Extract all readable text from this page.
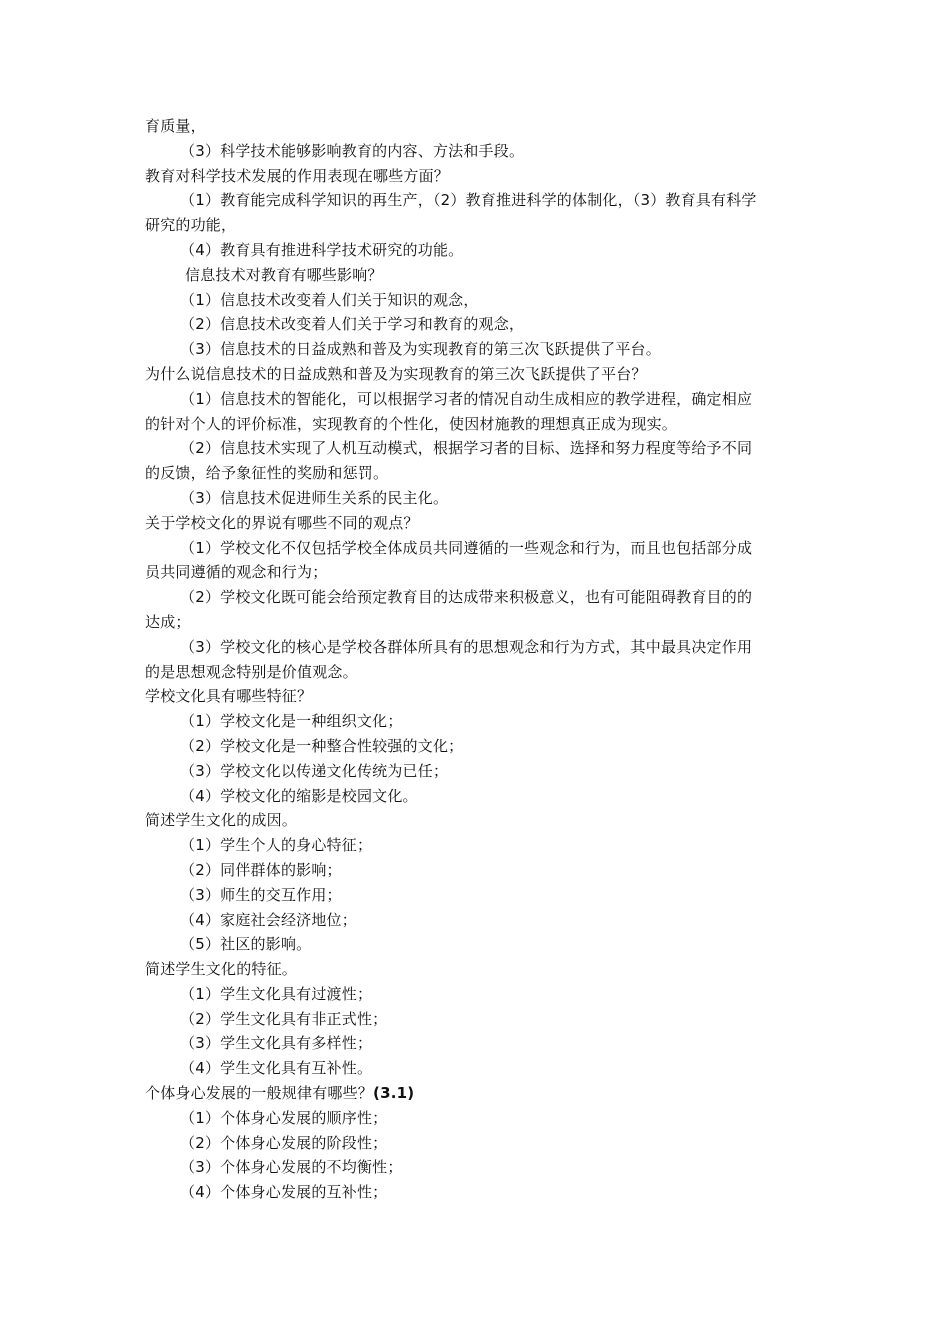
育质量，
（3）科学技术能够影响教育的内容、方法和手段。
教育对科学技术发展的作用表现在哪些方面？
（1）教育能完成科学知识的再生产，（2）教育推进科学的体制化，（3）教育具有科学
研究的功能，
（4）教育具有推进科学技术研究的功能。
信息技术对教育有哪些影响？
（1）信息技术改变着人们关于知识的观念，
（2）信息技术改变着人们关于学习和教育的观念，
（3）信息技术的日益成熟和普及为实现教育的第三次飞跃提供了平台。
为什么说信息技术的日益成熟和普及为实现教育的第三次飞跃提供了平台？
（1）信息技术的智能化，可以根据学习者的情况自动生成相应的教学进程，确定相应
的针对个人的评价标准，实现教育的个性化，使因材施教的理想真正成为现实。
（2）信息技术实现了人机互动模式，根据学习者的目标、选择和努力程度等给予不同
的反馈，给予象征性的奖励和惩罚。
（3）信息技术促进师生关系的民主化。
关于学校文化的界说有哪些不同的观点？
（1）学校文化不仅包括学校全体成员共同遵循的一些观念和行为，而且也包括部分成
员共同遵循的观念和行为；
（2）学校文化既可能会给预定教育目的达成带来积极意义，也有可能阻碍教育目的的
达成；
（3）学校文化的核心是学校各群体所具有的思想观念和行为方式，其中最具决定作用
的是思想观念特别是价值观念。
学校文化具有哪些特征？
（1）学校文化是一种组织文化；
（2）学校文化是一种整合性较强的文化；
（3）学校文化以传递文化传统为已任；
（4）学校文化的缩影是校园文化。
简述学生文化的成因。
（1）学生个人的身心特征；
（2）同伴群体的影响；
（3）师生的交互作用；
（4）家庭社会经济地位；
（5）社区的影响。
简述学生文化的特征。
（1）学生文化具有过渡性；
（2）学生文化具有非正式性；
（3）学生文化具有多样性；
（4）学生文化具有互补性。
个体身心发展的一般规律有哪些？(3.1)
（1）个体身心发展的顺序性；
（2）个体身心发展的阶段性；
（3）个体身心发展的不均衡性；
（4）个体身心发展的互补性；
